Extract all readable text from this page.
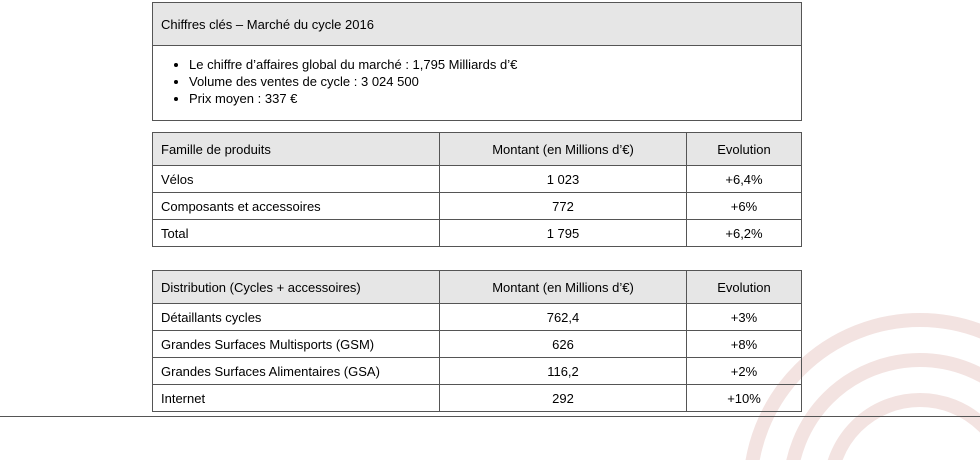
Chiffres clés – Marché du cycle 2016

• Le chiffre d’affaires global du marché : 1,795 Milliards d’€
• Volume des ventes de cycle : 3 024 500
• Prix moyen : 337 €
Famille de produits	Montant (en Millions d’€)	Evolution
Vélos	1 023	+6,4%
Composants et accessoires	772	+6%
Total	1 795	+6,2%
Distribution (Cycles + accessoires)	Montant (en Millions d’€)	Evolution
Détaillants cycles	762,4	+3%
Grandes Surfaces Multisports (GSM)	626	+8%
Grandes Surfaces Alimentaires (GSA)	116,2	+2%
Internet	292	+10%
